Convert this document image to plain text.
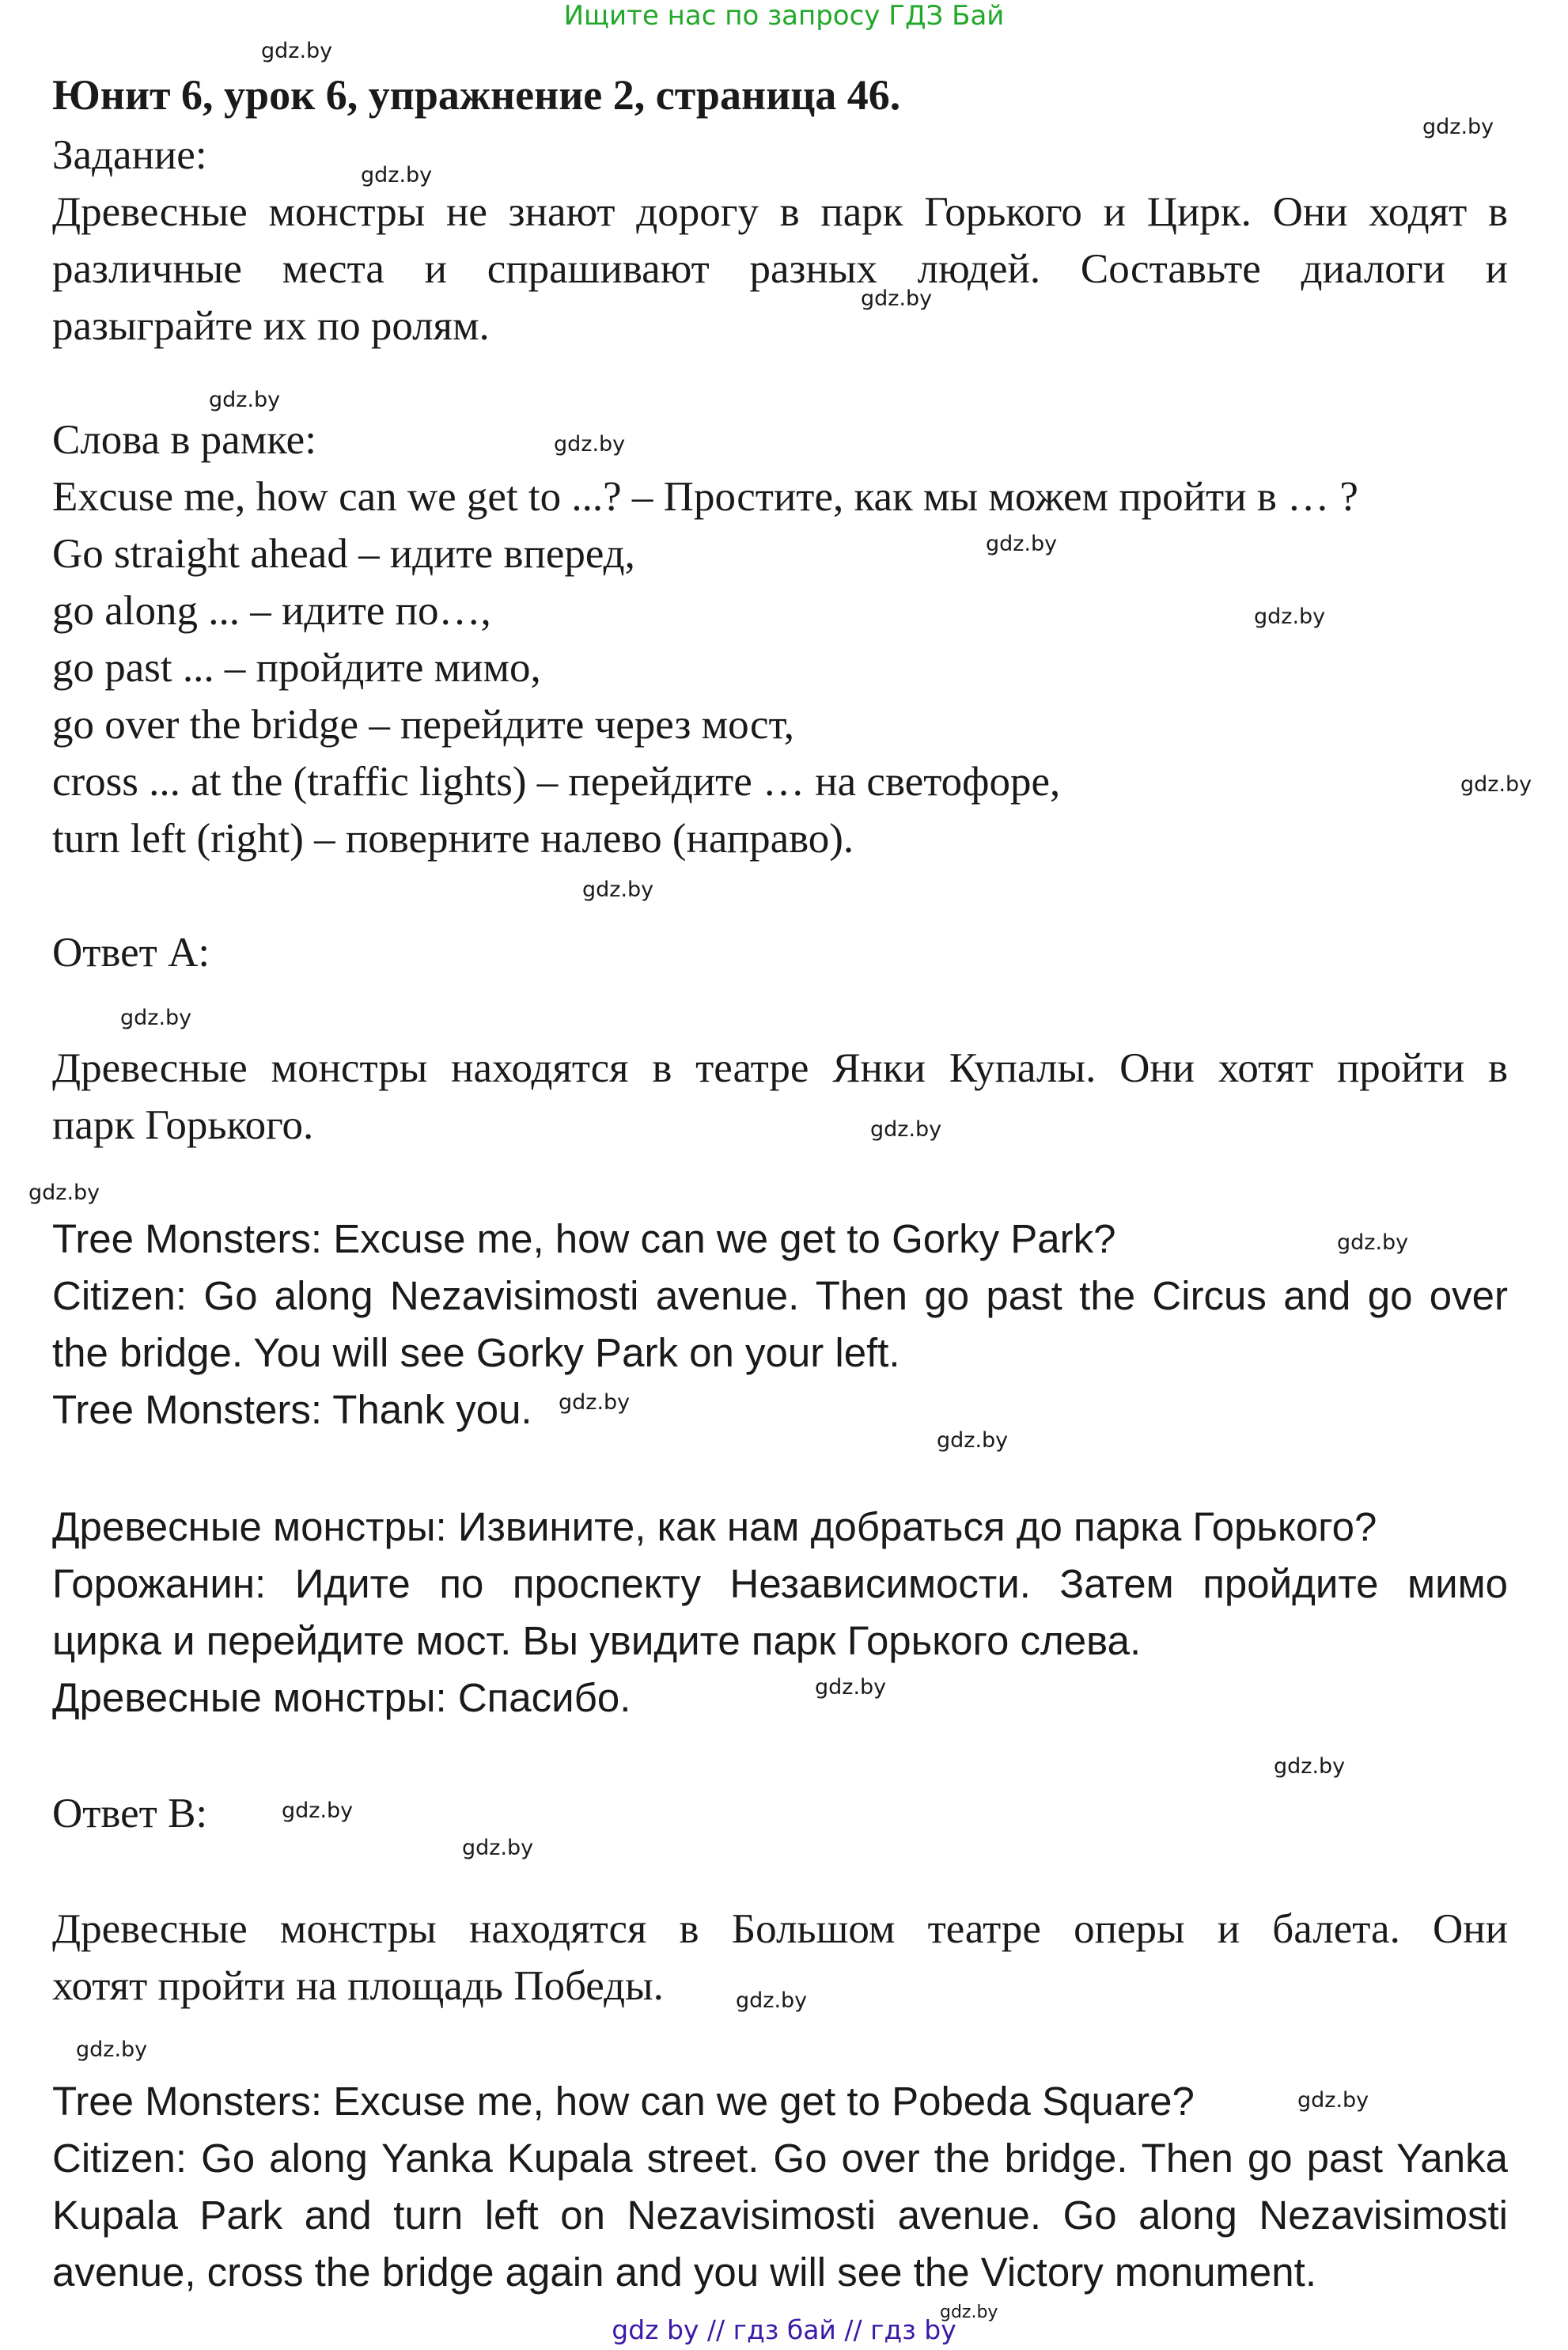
Ищите нас по запросу ГДЗ Бай
Юнит 6, урок 6, упражнение 2, страница 46.
Задание:
Древесные монстры не знают дорогу в парк Горького и Цирк. Они ходят в
различные места и спрашивают разных людей. Составьте диалоги и
разыграйте их по ролям.
Слова в рамке:
Excuse me, how can we get to ...? – Простите, как мы можем пройти в … ?
Go straight ahead – идите вперед,
go along ... – идите по…,
go past ... – пройдите мимо,
go over the bridge – перейдите через мост,
cross ... at the (traffic lights) – перейдите … на светофоре,
turn left (right) – поверните налево (направо).
Ответ А:
Древесные монстры находятся в театре Янки Купалы. Они хотят пройти в
парк Горького.
Tree Monsters: Excuse me, how can we get to Gorky Park?
Citizen: Go along Nezavisimosti avenue. Then go past the Circus and go over
the bridge. You will see Gorky Park on your left.
Tree Monsters: Thank you.
Древесные монстры: Извините, как нам добраться до парка Горького?
Горожанин: Идите по проспекту Независимости. Затем пройдите мимо
цирка и перейдите мост. Вы увидите парк Горького слева.
Древесные монстры: Спасибо.
Ответ В:
Древесные монстры находятся в Большом театре оперы и балета. Они
хотят пройти на площадь Победы.
Tree Monsters: Excuse me, how can we get to Pobeda Square?
Citizen: Go along Yanka Kupala street. Go over the bridge. Then go past Yanka
Kupala Park and turn left on Nezavisimosti avenue. Go along Nezavisimosti
avenue, cross the bridge again and you will see the Victory monument.
gdz by // гдз бай // гдз by
gdz.by
gdz.by
gdz.by
gdz.by
gdz.by
gdz.by
gdz.by
gdz.by
gdz.by
gdz.by
gdz.by
gdz.by
gdz.by
gdz.by
gdz.by
gdz.by
gdz.by
gdz.by
gdz.by
gdz.by
gdz.by
gdz.by
gdz.by
gdz.by
